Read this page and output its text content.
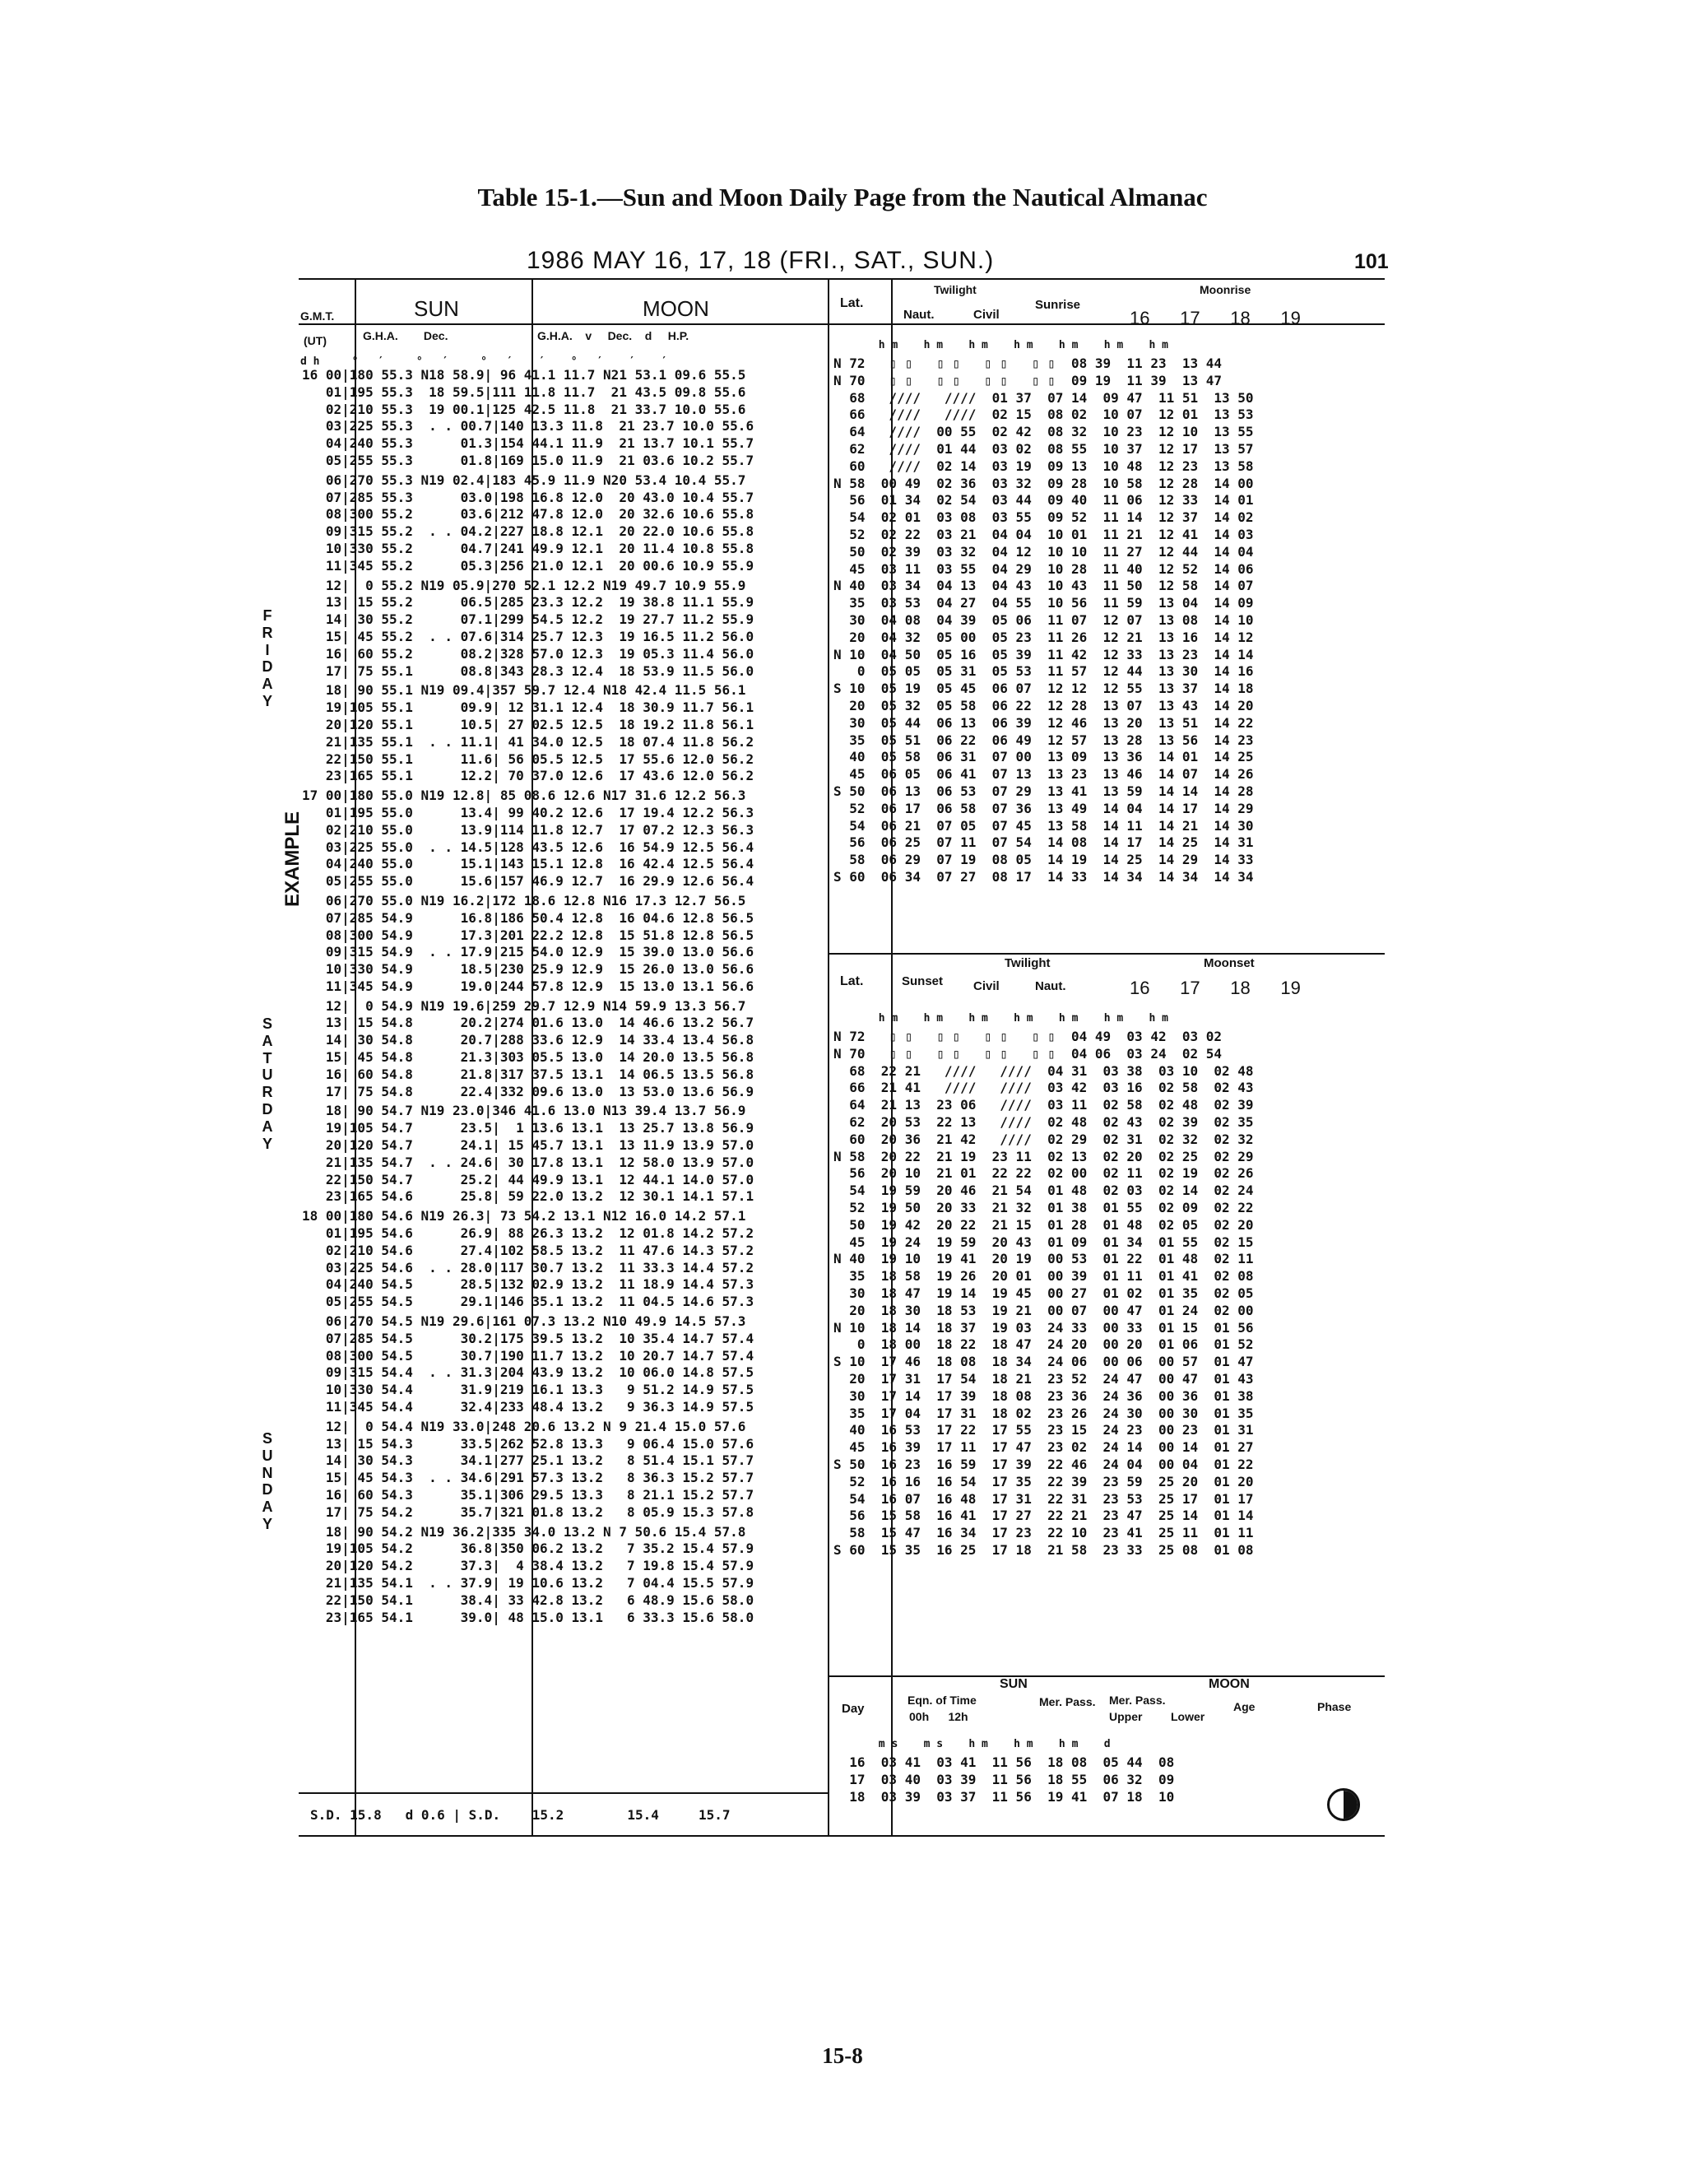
Table 15-1.—Sun and Moon Daily Page from the Nautical Almanac
1986 MAY 16, 17, 18 (FRI., SAT., SUN.)	101
G.M.T.
(UT)
SUN	MOON
G.H.A.        Dec.	G.H.A.    v     Dec.    d     H.P.
Lat.
Twilight
Naut.	Civil
Sunrise
Moonrise
16      17      18      19
Lat.	Sunset
Twilight
Civil	Naut.
Moonset
16      17      18      19
Day
SUN
Eqn. of Time
00h      12h
Mer. Pass.
MOON
Mer. Pass.
Upper Lower
Age	Phase
d h     °   ′     °   ′     °   ′    ′    °   ′    ′    ′
h m    h m    h m    h m    h m    h m    h m
h m    h m    h m    h m    h m    h m    h m
m s    m s    h m    h m    h m    d
16 00|180 55.3 N18 58.9| 96 41.1 11.7 N21 53.1 09.6 55.5
01|195 55.3  18 59.5|111 11.8 11.7  21 43.5 09.8 55.6
02|210 55.3  19 00.1|125 42.5 11.8  21 33.7 10.0 55.6
03|225 55.3  . . 00.7|140 13.3 11.8  21 23.7 10.0 55.6
04|240 55.3      01.3|154 44.1 11.9  21 13.7 10.1 55.7
05|255 55.3      01.8|169 15.0 11.9  21 03.6 10.2 55.7
06|270 55.3 N19 02.4|183 45.9 11.9 N20 53.4 10.4 55.7
07|285 55.3      03.0|198 16.8 12.0  20 43.0 10.4 55.7
08|300 55.2      03.6|212 47.8 12.0  20 32.6 10.6 55.8
09|315 55.2  . . 04.2|227 18.8 12.1  20 22.0 10.6 55.8
10|330 55.2      04.7|241 49.9 12.1  20 11.4 10.8 55.8
11|345 55.2      05.3|256 21.0 12.1  20 00.6 10.9 55.9
12|  0 55.2 N19 05.9|270 52.1 12.2 N19 49.7 10.9 55.9
13| 15 55.2      06.5|285 23.3 12.2  19 38.8 11.1 55.9
14| 30 55.2      07.1|299 54.5 12.2  19 27.7 11.2 55.9
15| 45 55.2  . . 07.6|314 25.7 12.3  19 16.5 11.2 56.0
16| 60 55.2      08.2|328 57.0 12.3  19 05.3 11.4 56.0
17| 75 55.1      08.8|343 28.3 12.4  18 53.9 11.5 56.0
18| 90 55.1 N19 09.4|357 59.7 12.4 N18 42.4 11.5 56.1
19|105 55.1      09.9| 12 31.1 12.4  18 30.9 11.7 56.1
20|120 55.1      10.5| 27 02.5 12.5  18 19.2 11.8 56.1
21|135 55.1  . . 11.1| 41 34.0 12.5  18 07.4 11.8 56.2
22|150 55.1      11.6| 56 05.5 12.5  17 55.6 12.0 56.2
23|165 55.1      12.2| 70 37.0 12.6  17 43.6 12.0 56.2
17 00|180 55.0 N19 12.8| 85 08.6 12.6 N17 31.6 12.2 56.3
01|195 55.0      13.4| 99 40.2 12.6  17 19.4 12.2 56.3
02|210 55.0      13.9|114 11.8 12.7  17 07.2 12.3 56.3
03|225 55.0  . . 14.5|128 43.5 12.6  16 54.9 12.5 56.4
04|240 55.0      15.1|143 15.1 12.8  16 42.4 12.5 56.4
05|255 55.0      15.6|157 46.9 12.7  16 29.9 12.6 56.4
06|270 55.0 N19 16.2|172 18.6 12.8 N16 17.3 12.7 56.5
07|285 54.9      16.8|186 50.4 12.8  16 04.6 12.8 56.5
08|300 54.9      17.3|201 22.2 12.8  15 51.8 12.8 56.5
09|315 54.9  . . 17.9|215 54.0 12.9  15 39.0 13.0 56.6
10|330 54.9      18.5|230 25.9 12.9  15 26.0 13.0 56.6
11|345 54.9      19.0|244 57.8 12.9  15 13.0 13.1 56.6
12|  0 54.9 N19 19.6|259 29.7 12.9 N14 59.9 13.3 56.7
13| 15 54.8      20.2|274 01.6 13.0  14 46.6 13.2 56.7
14| 30 54.8      20.7|288 33.6 12.9  14 33.4 13.4 56.8
15| 45 54.8      21.3|303 05.5 13.0  14 20.0 13.5 56.8
16| 60 54.8      21.8|317 37.5 13.1  14 06.5 13.5 56.8
17| 75 54.8      22.4|332 09.6 13.0  13 53.0 13.6 56.9
18| 90 54.7 N19 23.0|346 41.6 13.0 N13 39.4 13.7 56.9
19|105 54.7      23.5|  1 13.6 13.1  13 25.7 13.8 56.9
20|120 54.7      24.1| 15 45.7 13.1  13 11.9 13.9 57.0
21|135 54.7  . . 24.6| 30 17.8 13.1  12 58.0 13.9 57.0
22|150 54.7      25.2| 44 49.9 13.1  12 44.1 14.0 57.0
23|165 54.6      25.8| 59 22.0 13.2  12 30.1 14.1 57.1
18 00|180 54.6 N19 26.3| 73 54.2 13.1 N12 16.0 14.2 57.1
01|195 54.6      26.9| 88 26.3 13.2  12 01.8 14.2 57.2
02|210 54.6      27.4|102 58.5 13.2  11 47.6 14.3 57.2
03|225 54.6  . . 28.0|117 30.7 13.2  11 33.3 14.4 57.2
04|240 54.5      28.5|132 02.9 13.2  11 18.9 14.4 57.3
05|255 54.5      29.1|146 35.1 13.2  11 04.5 14.6 57.3
06|270 54.5 N19 29.6|161 07.3 13.2 N10 49.9 14.5 57.3
07|285 54.5      30.2|175 39.5 13.2  10 35.4 14.7 57.4
08|300 54.5      30.7|190 11.7 13.2  10 20.7 14.7 57.4
09|315 54.4  . . 31.3|204 43.9 13.2  10 06.0 14.8 57.5
10|330 54.4      31.9|219 16.1 13.3   9 51.2 14.9 57.5
11|345 54.4      32.4|233 48.4 13.2   9 36.3 14.9 57.5
12|  0 54.4 N19 33.0|248 20.6 13.2 N 9 21.4 15.0 57.6
13| 15 54.3      33.5|262 52.8 13.3   9 06.4 15.0 57.6
14| 30 54.3      34.1|277 25.1 13.2   8 51.4 15.1 57.7
15| 45 54.3  . . 34.6|291 57.3 13.2   8 36.3 15.2 57.7
16| 60 54.3      35.1|306 29.5 13.3   8 21.1 15.2 57.7
17| 75 54.2      35.7|321 01.8 13.2   8 05.9 15.3 57.8
18| 90 54.2 N19 36.2|335 34.0 13.2 N 7 50.6 15.4 57.8
19|105 54.2      36.8|350 06.2 13.2   7 35.2 15.4 57.9
20|120 54.2      37.3|  4 38.4 13.2   7 19.8 15.4 57.9
21|135 54.1  . . 37.9| 19 10.6 13.2   7 04.4 15.5 57.9
22|150 54.1      38.4| 33 42.8 13.2   6 48.9 15.6 58.0
23|165 54.1      39.0| 48 15.0 13.1   6 33.3 15.6 58.0
N 72   ▯ ▯   ▯ ▯   ▯ ▯   ▯ ▯  08 39  11 23  13 44
N 70   ▯ ▯   ▯ ▯   ▯ ▯   ▯ ▯  09 19  11 39  13 47
68   ////   ////  01 37  07 14  09 47  11 51  13 50
66   ////   ////  02 15  08 02  10 07  12 01  13 53
64   ////  00 55  02 42  08 32  10 23  12 10  13 55
62   ////  01 44  03 02  08 55  10 37  12 17  13 57
60   ////  02 14  03 19  09 13  10 48  12 23  13 58
N 58  00 49  02 36  03 32  09 28  10 58  12 28  14 00
56  01 34  02 54  03 44  09 40  11 06  12 33  14 01
54  02 01  03 08  03 55  09 52  11 14  12 37  14 02
52  02 22  03 21  04 04  10 01  11 21  12 41  14 03
50  02 39  03 32  04 12  10 10  11 27  12 44  14 04
45  03 11  03 55  04 29  10 28  11 40  12 52  14 06
N 40  03 34  04 13  04 43  10 43  11 50  12 58  14 07
35  03 53  04 27  04 55  10 56  11 59  13 04  14 09
30  04 08  04 39  05 06  11 07  12 07  13 08  14 10
20  04 32  05 00  05 23  11 26  12 21  13 16  14 12
N 10  04 50  05 16  05 39  11 42  12 33  13 23  14 14
0  05 05  05 31  05 53  11 57  12 44  13 30  14 16
S 10  05 19  05 45  06 07  12 12  12 55  13 37  14 18
20  05 32  05 58  06 22  12 28  13 07  13 43  14 20
30  05 44  06 13  06 39  12 46  13 20  13 51  14 22
35  05 51  06 22  06 49  12 57  13 28  13 56  14 23
40  05 58  06 31  07 00  13 09  13 36  14 01  14 25
45  06 05  06 41  07 13  13 23  13 46  14 07  14 26
S 50  06 13  06 53  07 29  13 41  13 59  14 14  14 28
52  06 17  06 58  07 36  13 49  14 04  14 17  14 29
54  06 21  07 05  07 45  13 58  14 11  14 21  14 30
56  06 25  07 11  07 54  14 08  14 17  14 25  14 31
58  06 29  07 19  08 05  14 19  14 25  14 29  14 33
S 60  06 34  07 27  08 17  14 33  14 34  14 34  14 34
N 72   ▯ ▯   ▯ ▯   ▯ ▯   ▯ ▯  04 49  03 42  03 02
N 70   ▯ ▯   ▯ ▯   ▯ ▯   ▯ ▯  04 06  03 24  02 54
68  22 21   ////   ////  04 31  03 38  03 10  02 48
66  21 41   ////   ////  03 42  03 16  02 58  02 43
64  21 13  23 06   ////  03 11  02 58  02 48  02 39
62  20 53  22 13   ////  02 48  02 43  02 39  02 35
60  20 36  21 42   ////  02 29  02 31  02 32  02 32
N 58  20 22  21 19  23 11  02 13  02 20  02 25  02 29
56  20 10  21 01  22 22  02 00  02 11  02 19  02 26
54  19 59  20 46  21 54  01 48  02 03  02 14  02 24
52  19 50  20 33  21 32  01 38  01 55  02 09  02 22
50  19 42  20 22  21 15  01 28  01 48  02 05  02 20
45  19 24  19 59  20 43  01 09  01 34  01 55  02 15
N 40  19 10  19 41  20 19  00 53  01 22  01 48  02 11
35  18 58  19 26  20 01  00 39  01 11  01 41  02 08
30  18 47  19 14  19 45  00 27  01 02  01 35  02 05
20  18 30  18 53  19 21  00 07  00 47  01 24  02 00
N 10  18 14  18 37  19 03  24 33  00 33  01 15  01 56
0  18 00  18 22  18 47  24 20  00 20  01 06  01 52
S 10  17 46  18 08  18 34  24 06  00 06  00 57  01 47
20  17 31  17 54  18 21  23 52  24 47  00 47  01 43
30  17 14  17 39  18 08  23 36  24 36  00 36  01 38
35  17 04  17 31  18 02  23 26  24 30  00 30  01 35
40  16 53  17 22  17 55  23 15  24 23  00 23  01 31
45  16 39  17 11  17 47  23 02  24 14  00 14  01 27
S 50  16 23  16 59  17 39  22 46  24 04  00 04  01 22
52  16 16  16 54  17 35  22 39  23 59  25 20  01 20
54  16 07  16 48  17 31  22 31  23 53  25 17  01 17
56  15 58  16 41  17 27  22 21  23 47  25 14  01 14
58  15 47  16 34  17 23  22 10  23 41  25 11  01 11
S 60  15 35  16 25  17 18  21 58  23 33  25 08  01 08
16  03 41  03 41  11 56  18 08  05 44  08
17  03 40  03 39  11 56  18 55  06 32  09
18  03 39  03 37  11 56  19 41  07 18  10
S.D. 15.8   d 0.6 | S.D.    15.2        15.4     15.7
F
R
I
D
A
Y
S
A
T
U
R
D
A
Y
S
U
N
D
A
Y
EXAMPLE
15-8
